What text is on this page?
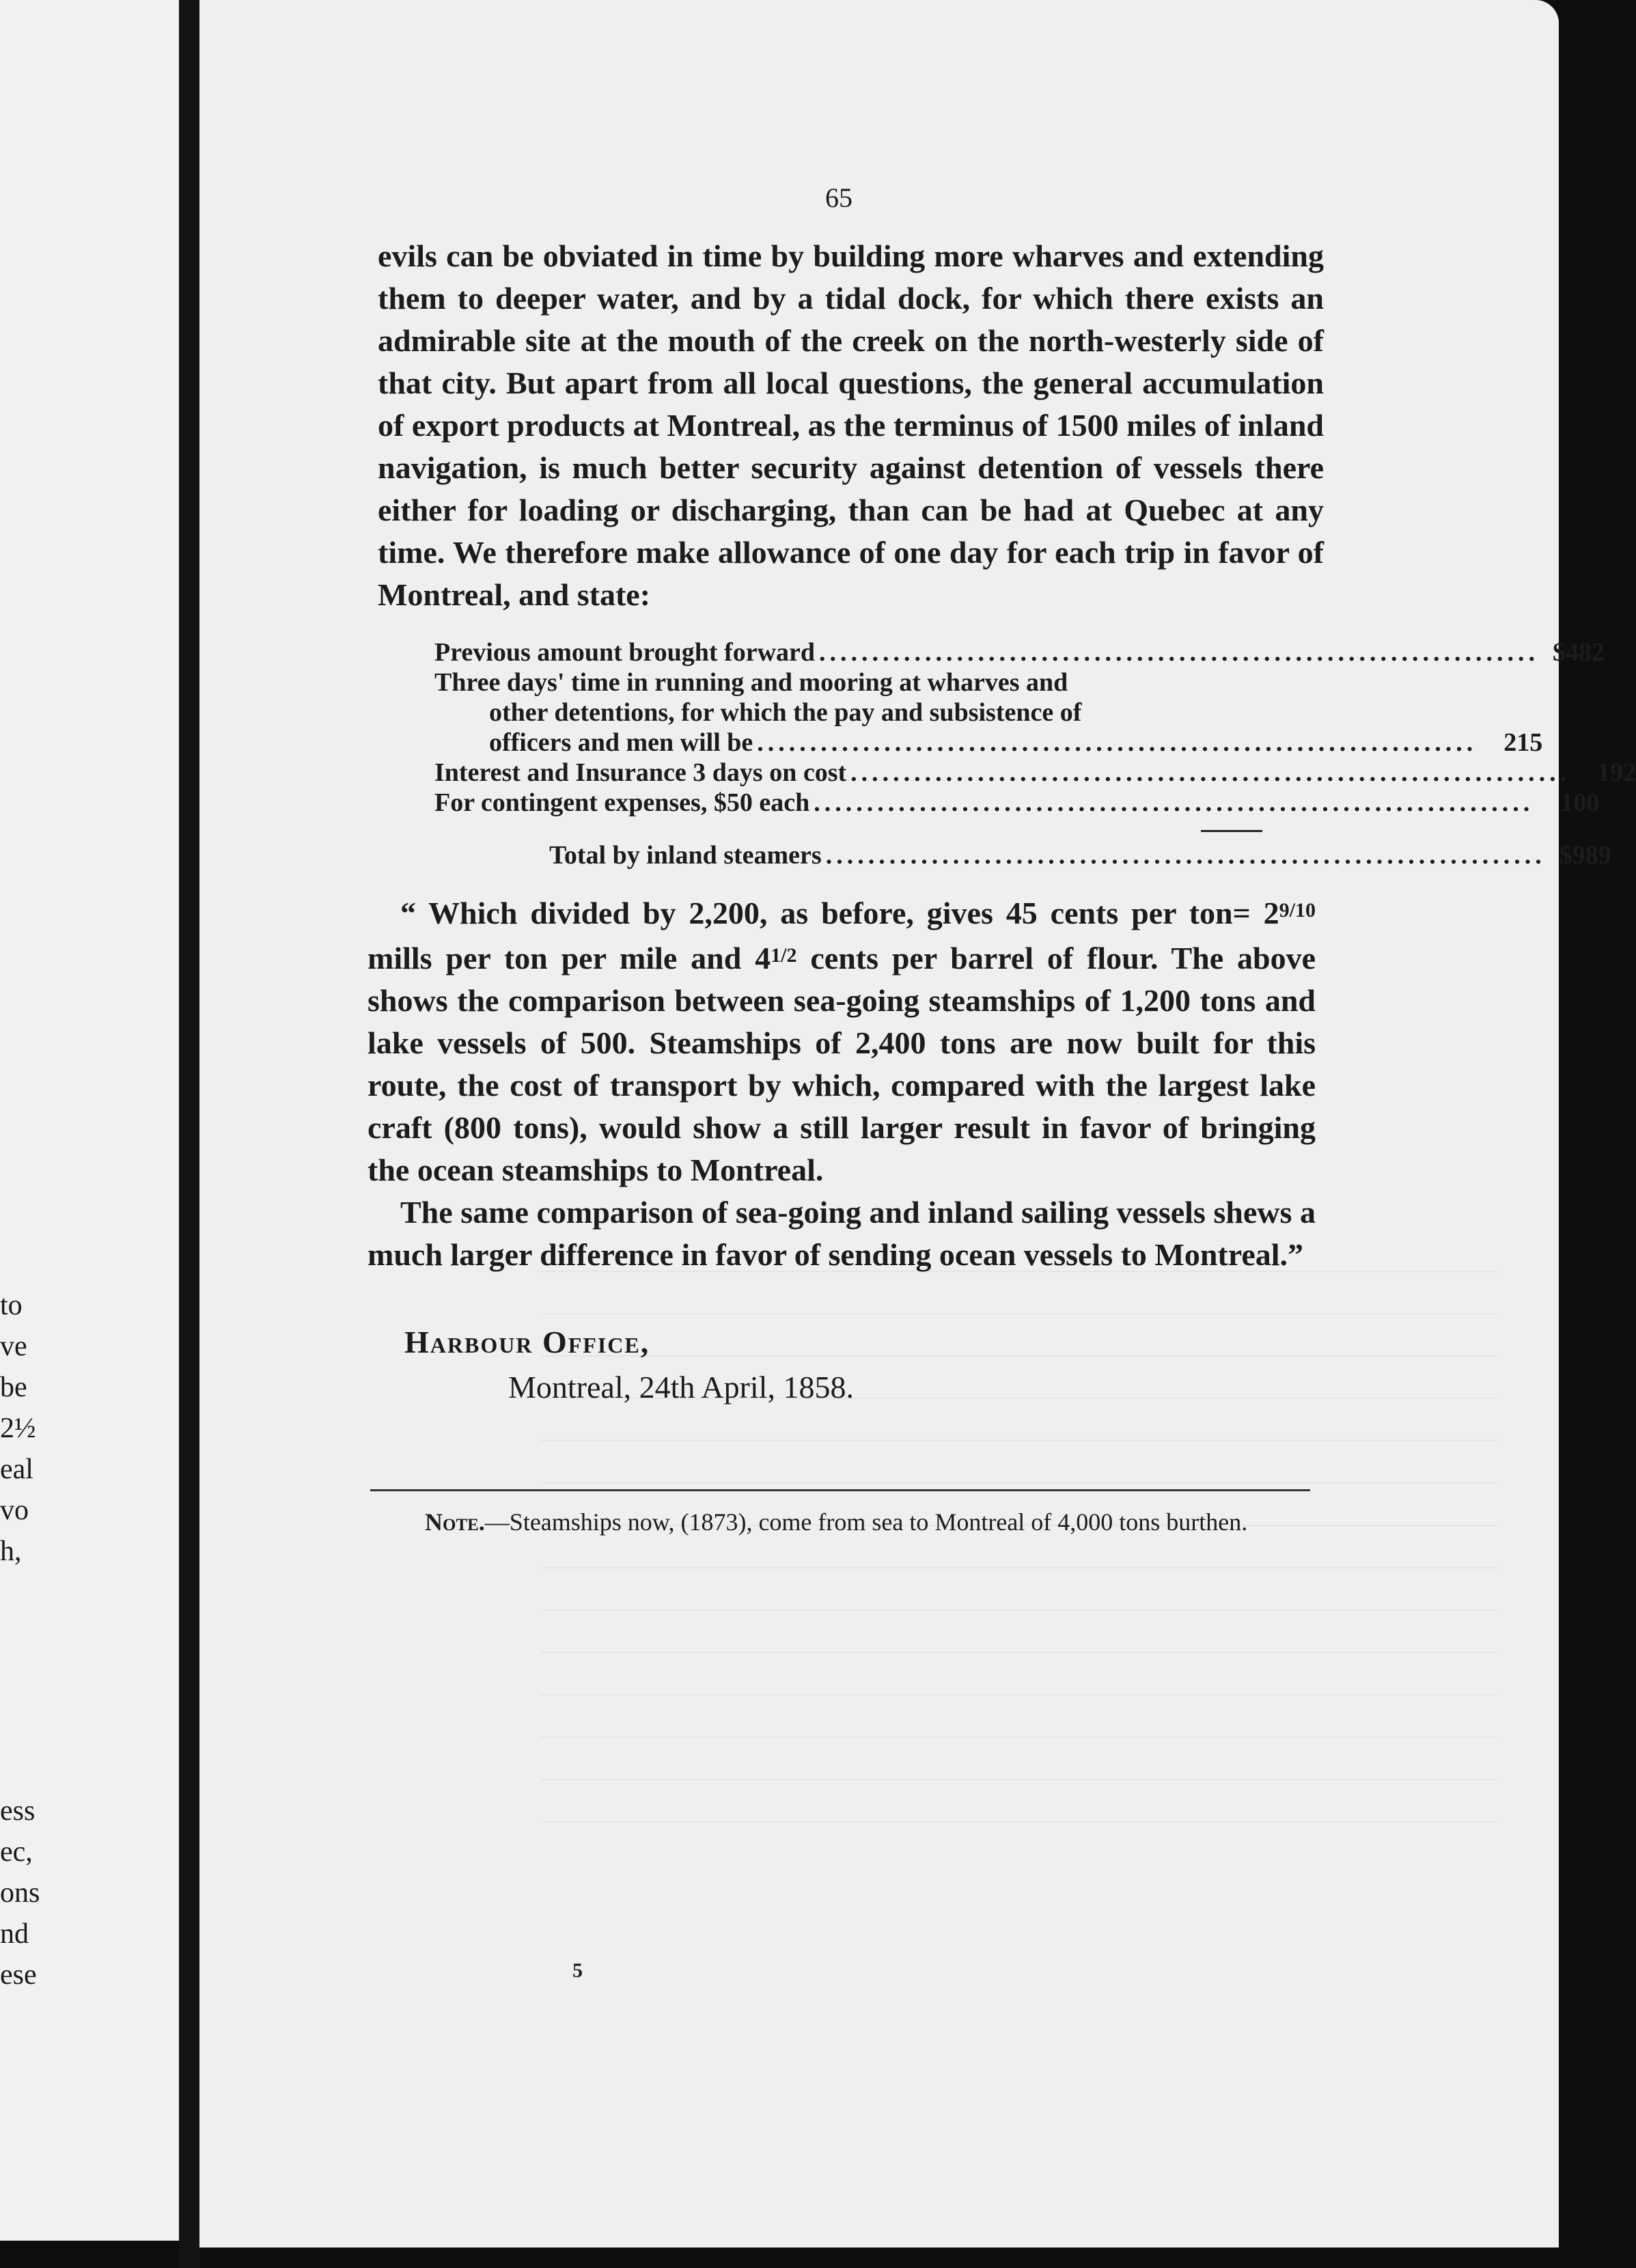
to
ve
be
2½
eal
vo
h,
ess
ec,
ons
nd
ese
65

evils can be obviated in time by building more wharves and extending them to deeper water, and by a tidal dock, for which there exists an admirable site at the mouth of the creek on the north-westerly side of that city. But apart from all local questions, the general accumulation of export products at Montreal, as the terminus of 1500 miles of inland navigation, is much better security against detention of vessels there either for loading or discharging, than can be had at Quebec at any time. We therefore make allowance of one day for each trip in favor of Montreal, and state:

Previous amount brought forward .................................................................... $482
Three days' time in running and mooring at wharves and
other detentions, for which the pay and subsistence of
officers and men will be ....................................................................	215
Interest and Insurance 3 days on cost ....................................................................	192
For contingent expenses, $50 each ....................................................................	100
Total by inland steamers .................................................................... $989

“ Which divided by 2,200, as before, gives 45 cents per $ton= 2^{9/10}$ mills per ton per mile and $4^{1/2}$ cents per barrel of flour. The above shows the comparison between sea-going steamships of 1,200 tons and lake vessels of 500. Steamships of 2,400 tons are now built for this route, the cost of transport by which, compared with the largest lake craft (800 tons), would show a still larger result in favor of bringing the ocean steamships to Montreal.

The same comparison of sea-going and inland sailing vessels shews a much larger difference in favor of sending ocean vessels to Montreal.”

Harbour Office,
Montreal, 24th April, 1858.
Note.—Steamships now, (1873), come from sea to Montreal of 4,000 tons burthen.
5
